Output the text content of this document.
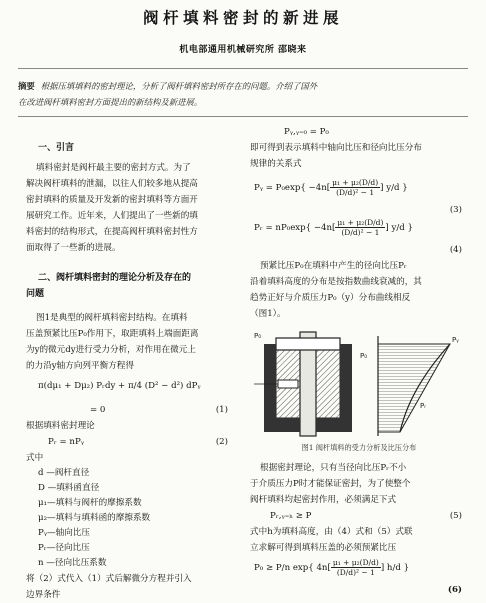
阀杆填料密封的新进展
机电部通用机械研究所 邵晓来
摘要 根据压填填料的密封理论，分析了阀杆填料密封所存在的问题。介绍了国外
在改进阀杆填料密封方面提出的新结构及新进展。
一、引言
填料密封是阀杆最主要的密封方式。为了
解决阀杆填料的泄漏，以往人们较多地从提高
密封填料的质量及开发新的密封填料等方面开
展研究工作。近年来，人们提出了一些新的填
料密封的结构形式，在提高阀杆填料密封性方
面取得了一些新的进展。
二、阀杆填料密封的理论分析及存在的
问题
图1是典型的阀杆填料密封结构。在填料
压盖预紧比压P₀作用下，取距填料上端面距离
为y的微元dy进行受力分析，对作用在微元上
的力沿y轴方向列平衡方程得
π(dμ₁ + Dμ₂) Pᵣdy + π/4 (D² − d²) dPᵧ
= 0	(1)
根据填料密封理论
Pᵣ = nPᵧ	(2)
式中
d —阀杆直径
D —填料函直径
μ₁—填料与阀杆的摩擦系数
μ₂—填料与填料函的摩擦系数
Pᵧ—轴向比压
Pᵣ—径向比压
n —径向比压系数
将（2）式代入（1）式后解微分方程并引入
边界条件
Pᵧ,ᵧ₌₀ = P₀
即可得到表示填料中轴向比压和径向比压分布
规律的关系式
Pᵧ = $P_0\exp\{ -4n[ \frac{\text{μ₁ + μ₂(D/d)}}{\text{(D/d)² − 1}}$ ] y/d }
(3)
Pᵣ = $nP_0\exp\{ -4n[ \frac{\text{μ₁ + μ₂(D/d)}}{\text{(D/d)² − 1}}$ ] y/d }
(4)
预紧比压P₀在填料中产生的径向比压Pᵣ
沿着填料高度的分布是按指数曲线衰减的，其
趋势正好与介质压力P₀（y）分布曲线相反
（图1）。
P₀
P₀
Pᵧ
Pᵣ
图1 阀杆填料的受力分析及比压分布
根据密封理论，只有当径向比压Pᵣ不小
于介质压力P时才能保证密封，为了使整个
阀杆填料均起密封作用，必须满足下式
Pᵣ,ᵧ₌ₕ ≥ P	(5)
式中h为填料高度，由（4）式和（5）式联
立求解可得到填料压盖的必须预紧比压
P₀ ≥ P/n exp{ $4n[ \frac{\text{μ₁ + μ₂(D/d)}}{\text{(D/d)² − 1}}$ ] h/d }
(6)
